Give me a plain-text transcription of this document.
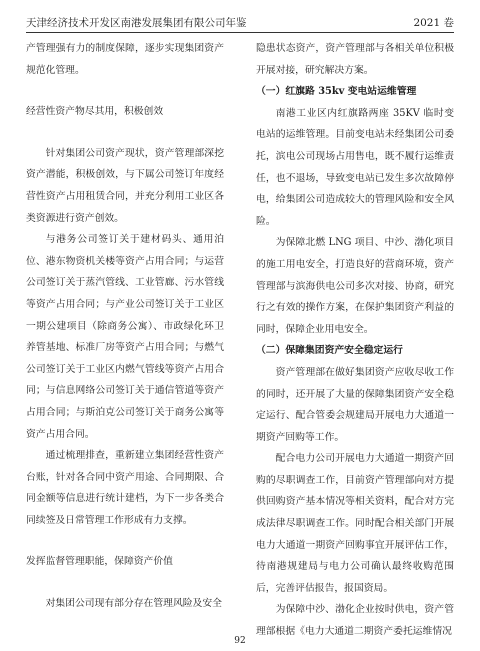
天津经济技术开发区南港发展集团有限公司年鉴	2021 卷

产管理强有力的制度保障，逐步实现集团资产规范化管理。

经营性资产物尽其用，积极创效

针对集团公司资产现状，资产管理部深挖资产潜能，积极创效，与下属公司签订年度经营性资产占用租赁合同，并充分利用工业区各类资源进行资产创效。

与港务公司签订关于建材码头、通用泊位、港东物资机关楼等资产占用合同；与运营公司签订关于蒸汽管线、工业管廊、污水管线等资产占用合同；与产业公司签订关于工业区一期公建项目（除商务公寓）、市政绿化环卫养管基地、标准厂房等资产占用合同；与燃气公司签订关于工业区内燃气管线等资产占用合同；与信息网络公司签订关于通信管道等资产占用合同；与斯泊克公司签订关于商务公寓等资产占用合同。

通过梳理排查，重新建立集团经营性资产台账，针对各合同中资产用途、合同期限、合同金额等信息进行统计建档，为下一步各类合同续签及日常管理工作形成有力支撑。

发挥监督管理职能，保障资产价值

对集团公司现有部分存在管理风险及安全

隐患状态资产，资产管理部与各相关单位积极开展对接，研究解决方案。

（一）红旗路 35kv 变电站运维管理

南港工业区内红旗路两座 35KV 临时变电站的运维管理。目前变电站未经集团公司委托，滨电公司现场占用售电，既不履行运维责任，也不退场，导致变电站已发生多次故障停电，给集团公司造成较大的管理风险和安全风险。

为保障北燃 LNG 项目、中沙、渤化项目的施工用电安全，打造良好的营商环境，资产管理部与滨海供电公司多次对接、协商，研究行之有效的操作方案，在保护集团资产利益的同时，保障企业用电安全。

（二）保障集团资产安全稳定运行

资产管理部在做好集团资产应收尽收工作的同时，还开展了大量的保障集团资产安全稳定运行、配合管委会规建局开展电力大通道一期资产回购等工作。

配合电力公司开展电力大通道一期资产回购的尽职调查工作，目前资产管理部向对方提供回购资产基本情况等相关资料，配合对方完成法律尽职调查工作。同时配合相关部门开展电力大通道一期资产回购事宜开展评估工作，待南港规建局与电力公司确认最终收购范围后，完善评估报告，报国资局。

为保障中沙、渤化企业按时供电，资产管理部根据《电力大通道二期资产委托运维情况

92
